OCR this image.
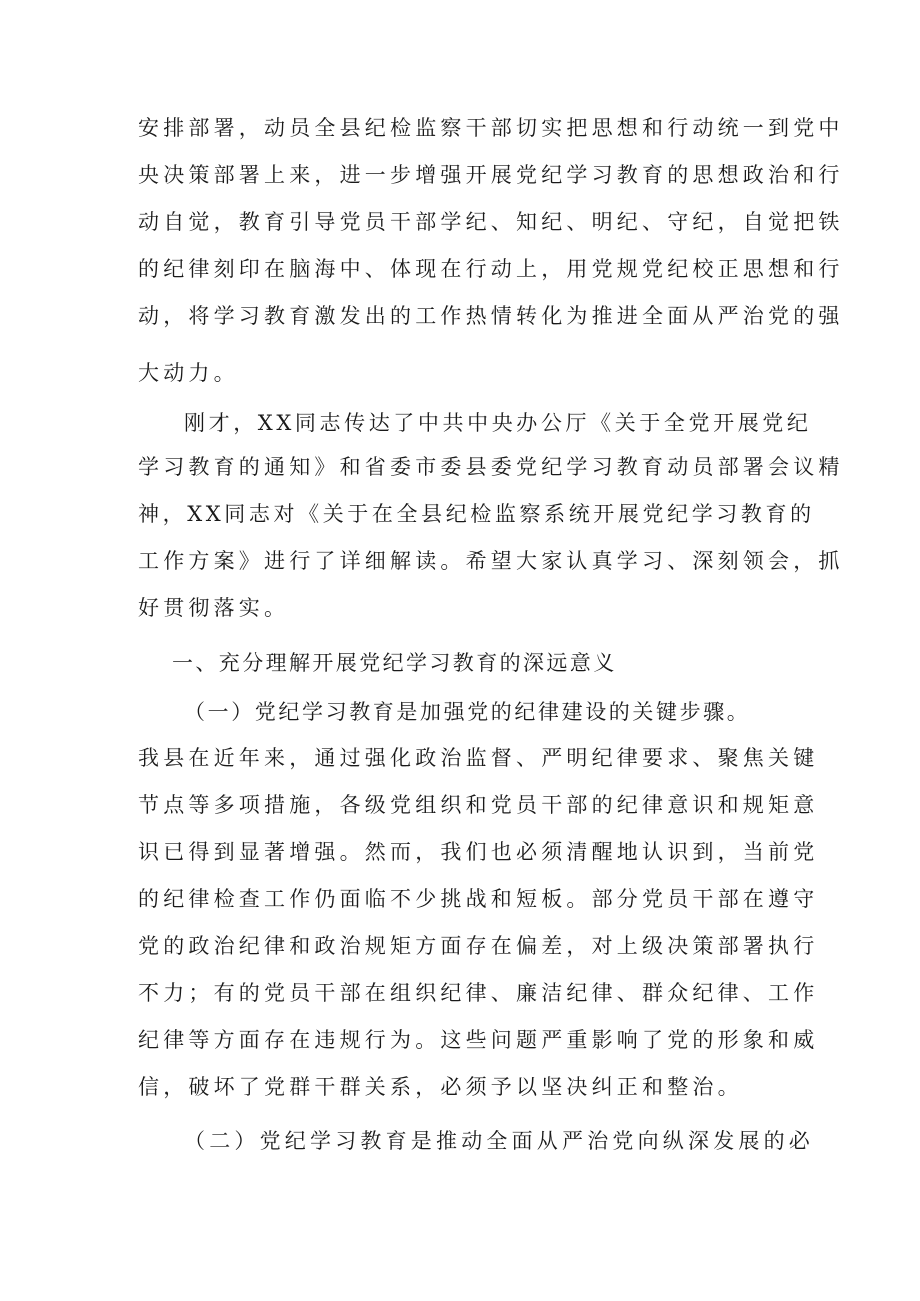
安排部署，动员全县纪检监察干部切实把思想和行动统一到党中
央决策部署上来，进一步增强开展党纪学习教育的思想政治和行
动自觉，教育引导党员干部学纪、知纪、明纪、守纪，自觉把铁
的纪律刻印在脑海中、体现在行动上，用党规党纪校正思想和行
动，将学习教育激发出的工作热情转化为推进全面从严治党的强
大动力。
刚才，XX同志传达了中共中央办公厅《关于全党开展党纪
学习教育的通知》和省委市委县委党纪学习教育动员部署会议精
神，XX同志对《关于在全县纪检监察系统开展党纪学习教育的
工作方案》进行了详细解读。希望大家认真学习、深刻领会，抓
好贯彻落实。
一、充分理解开展党纪学习教育的深远意义
（一）党纪学习教育是加强党的纪律建设的关键步骤。
我县在近年来，通过强化政治监督、严明纪律要求、聚焦关键
节点等多项措施，各级党组织和党员干部的纪律意识和规矩意
识已得到显著增强。然而，我们也必须清醒地认识到，当前党
的纪律检查工作仍面临不少挑战和短板。部分党员干部在遵守
党的政治纪律和政治规矩方面存在偏差，对上级决策部署执行
不力；有的党员干部在组织纪律、廉洁纪律、群众纪律、工作
纪律等方面存在违规行为。这些问题严重影响了党的形象和威
信，破坏了党群干群关系，必须予以坚决纠正和整治。
（二）党纪学习教育是推动全面从严治党向纵深发展的必
